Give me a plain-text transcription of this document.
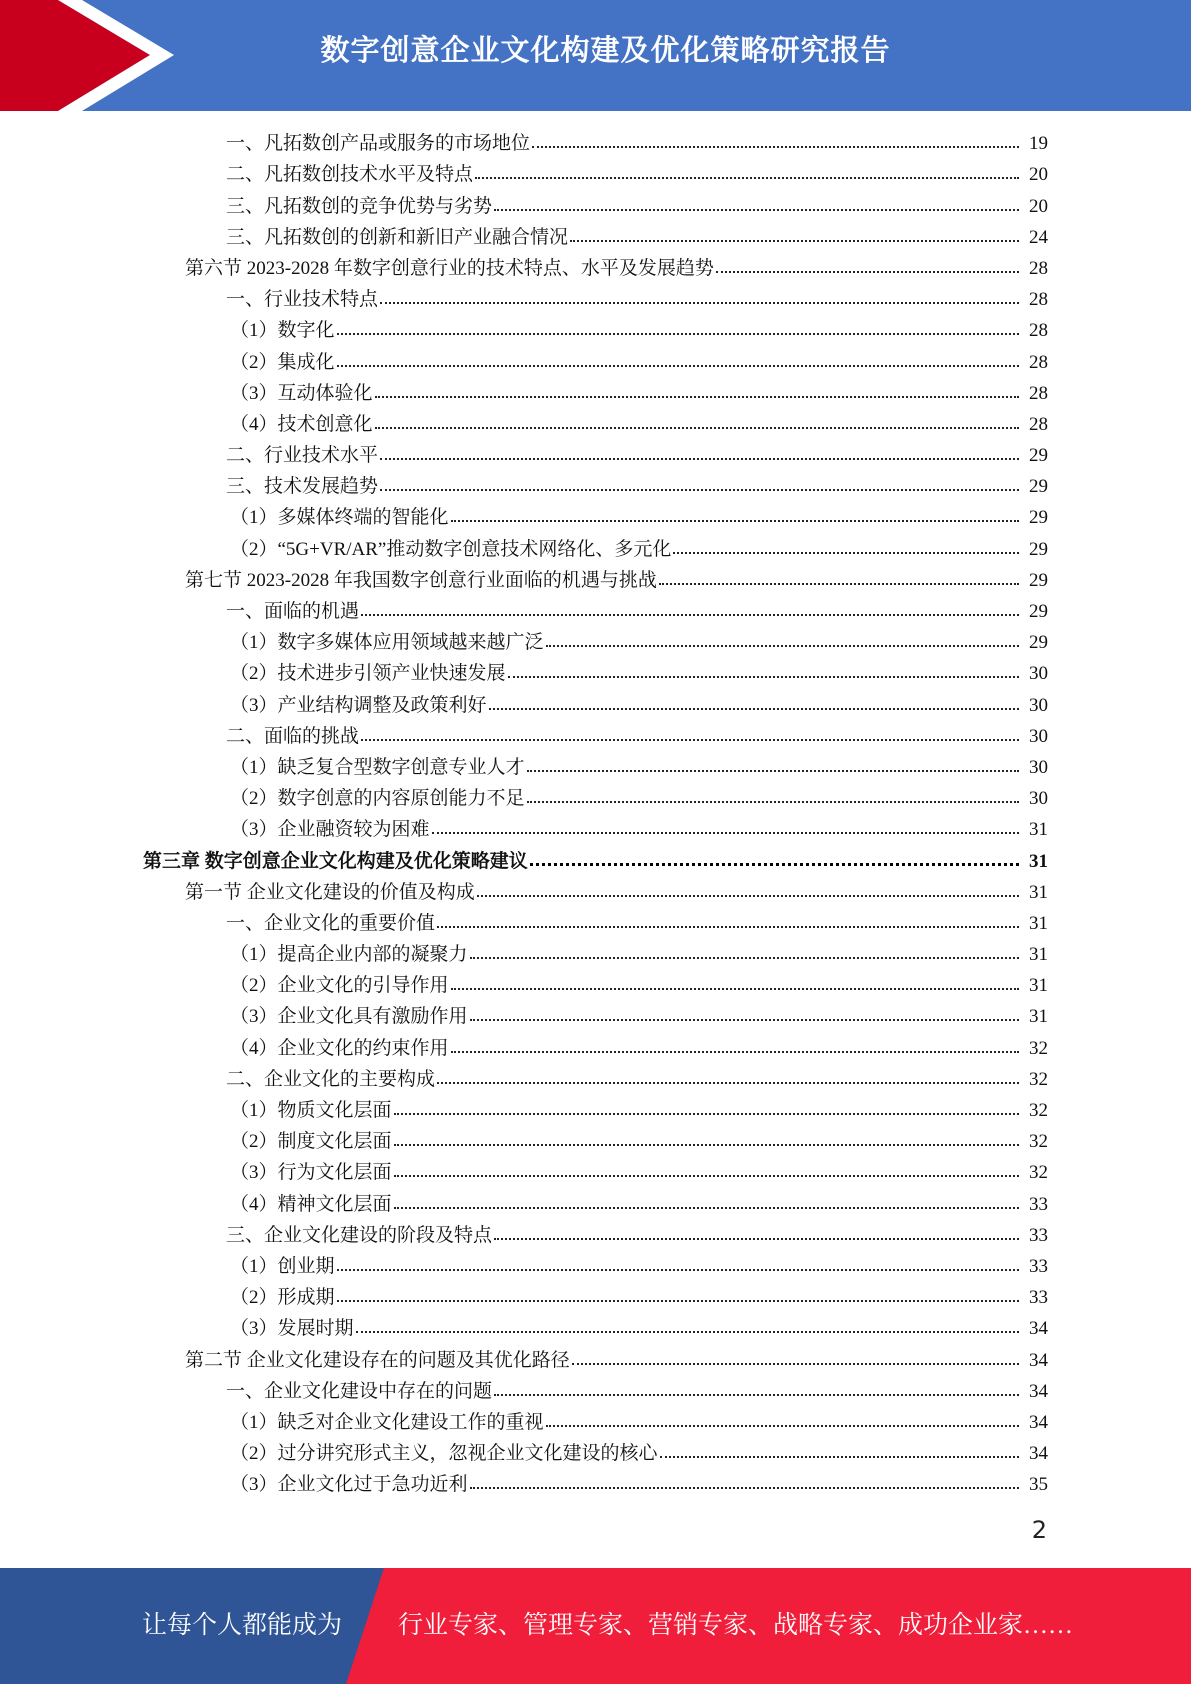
数字创意企业文化构建及优化策略研究报告
一、凡拓数创产品或服务的市场地位	19
二、凡拓数创技术水平及特点	20
三、凡拓数创的竞争优势与劣势	20
三、凡拓数创的创新和新旧产业融合情况	24
第六节 2023-2028 年数字创意行业的技术特点、水平及发展趋势	28
一、行业技术特点	28
（1）数字化	28
（2）集成化	28
（3）互动体验化	28
（4）技术创意化	28
二、行业技术水平	29
三、技术发展趋势	29
（1）多媒体终端的智能化	29
（2）“5G+VR/AR”推动数字创意技术网络化、多元化	29
第七节 2023-2028 年我国数字创意行业面临的机遇与挑战	29
一、面临的机遇	29
（1）数字多媒体应用领域越来越广泛	29
（2）技术进步引领产业快速发展	30
（3）产业结构调整及政策利好	30
二、面临的挑战	30
（1）缺乏复合型数字创意专业人才	30
（2）数字创意的内容原创能力不足	30
（3）企业融资较为困难	31
第三章 数字创意企业文化构建及优化策略建议	31
第一节 企业文化建设的价值及构成	31
一、企业文化的重要价值	31
（1）提高企业内部的凝聚力	31
（2）企业文化的引导作用	31
（3）企业文化具有激励作用	31
（4）企业文化的约束作用	32
二、企业文化的主要构成	32
（1）物质文化层面	32
（2）制度文化层面	32
（3）行为文化层面	32
（4）精神文化层面	33
三、企业文化建设的阶段及特点	33
（1）创业期	33
（2）形成期	33
（3）发展时期	34
第二节 企业文化建设存在的问题及其优化路径	34
一、企业文化建设中存在的问题	34
（1）缺乏对企业文化建设工作的重视	34
（2）过分讲究形式主义，忽视企业文化建设的核心	34
（3）企业文化过于急功近利	35
2
让每个人都能成为 行业专家、管理专家、营销专家、战略专家、成功企业家……
